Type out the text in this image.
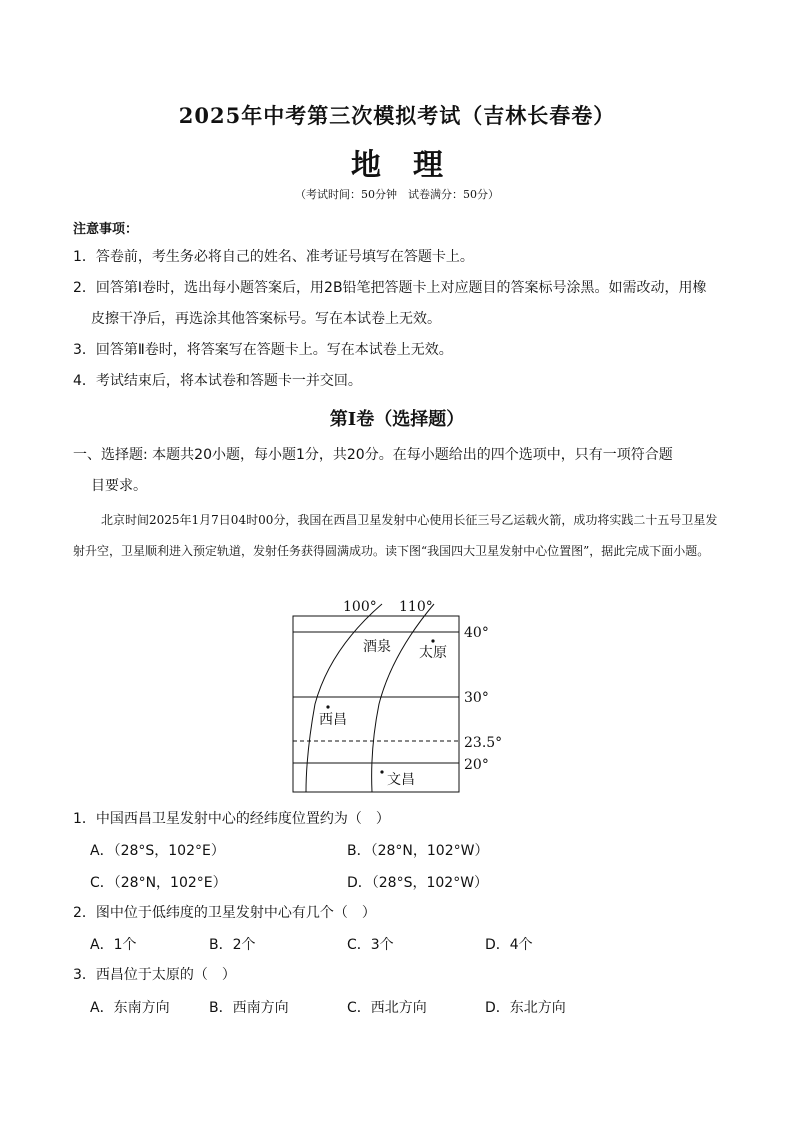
2025年中考第三次模拟考试（吉林长春卷）
地 理
（考试时间：50分钟　试卷满分：50分）
注意事项：
1．答卷前，考生务必将自己的姓名、准考证号填写在答题卡上。
2．回答第Ⅰ卷时，选出每小题答案后，用2B铅笔把答题卡上对应题目的答案标号涂黑。如需改动，用橡
皮擦干净后，再选涂其他答案标号。写在本试卷上无效。
3．回答第Ⅱ卷时，将答案写在答题卡上。写在本试卷上无效。
4．考试结束后，将本试卷和答题卡一并交回。
第Ⅰ卷（选择题）
一、选择题: 本题共20小题，每小题1分，共20分。在每小题给出的四个选项中，只有一项符合题
目要求。
北京时间2025年1月7日04时00分，我国在西昌卫星发射中心使用长征三号乙运载火箭，成功将实践二十五号卫星发射升空，卫星顺利进入预定轨道，发射任务获得圆满成功。读下图“我国四大卫星发射中心位置图”，据此完成下面小题。
100° 110°
40°
30°
23.5°
20°
酒泉 太原
西昌
文昌
1．中国西昌卫星发射中心的经纬度位置约为（　）
A．（28°S，102°E）	B．（28°N，102°W）
C．（28°N，102°E）	D．（28°S，102°W）
2．图中位于低纬度的卫星发射中心有几个（　）
A．1个	B．2个	C．3个	D．4个
3．西昌位于太原的（　）
A．东南方向	B．西南方向	C．西北方向	D．东北方向
